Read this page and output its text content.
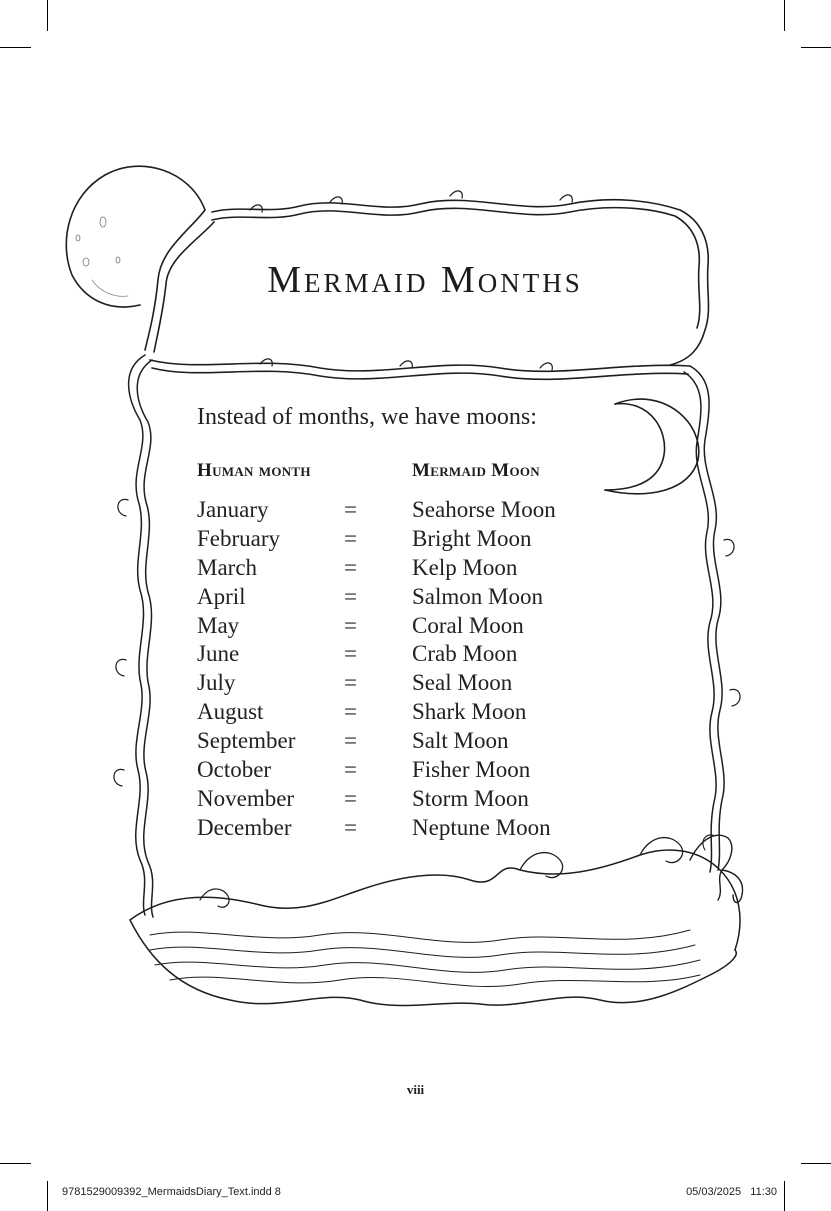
Mermaid Months
Instead of months, we have moons:
Human month	Mermaid Moon
January	= Seahorse Moon
February	= Bright Moon
March	= Kelp Moon
April	= Salmon Moon
May	= Coral Moon
June	= Crab Moon
July	= Seal Moon
August	= Shark Moon
September = Salt Moon
October	= Fisher Moon
November = Storm Moon
December = Neptune Moon
viii
9781529009392_MermaidsDiary_Text.indd 8	05/03/2025   11:30
